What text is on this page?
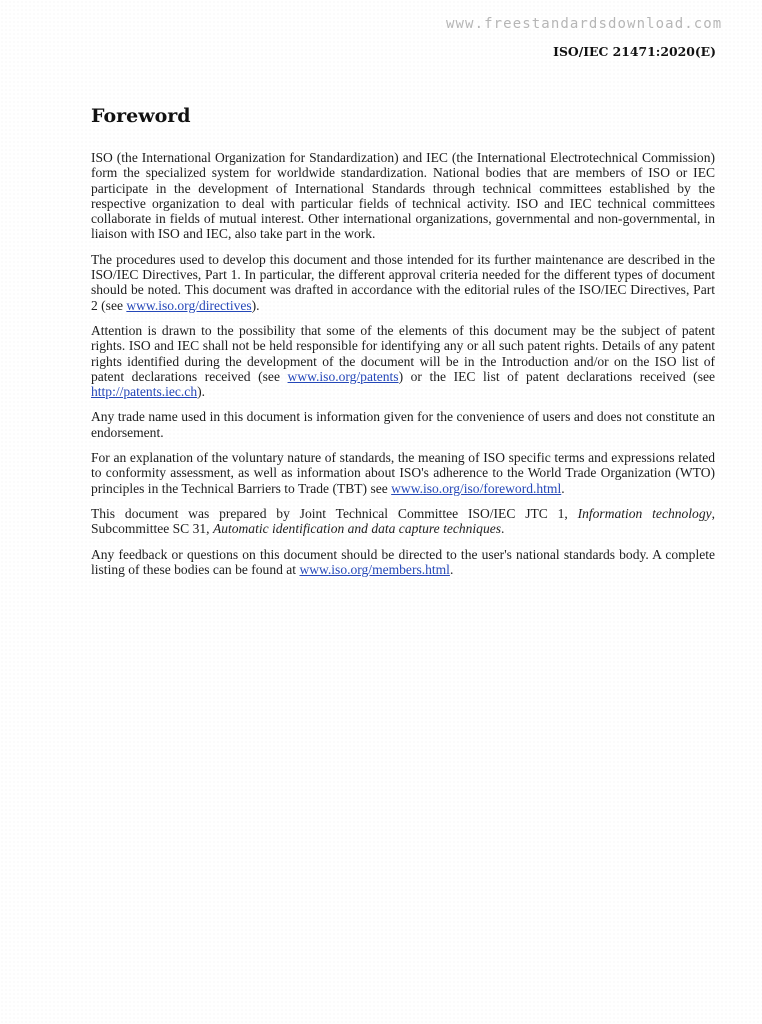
www.freestandardsdownload.com
ISO/IEC 21471:2020(E)
Foreword

ISO (the International Organization for Standardization) and IEC (the International Electrotechnical Commission) form the specialized system for worldwide standardization. National bodies that are members of ISO or IEC participate in the development of International Standards through technical committees established by the respective organization to deal with particular fields of technical activity. ISO and IEC technical committees collaborate in fields of mutual interest. Other international organizations, governmental and non-governmental, in liaison with ISO and IEC, also take part in the work.

The procedures used to develop this document and those intended for its further maintenance are described in the ISO/IEC Directives, Part 1. In particular, the different approval criteria needed for the different types of document should be noted. This document was drafted in accordance with the editorial rules of the ISO/IEC Directives, Part 2 (see www.iso.org/directives).

Attention is drawn to the possibility that some of the elements of this document may be the subject of patent rights. ISO and IEC shall not be held responsible for identifying any or all such patent rights. Details of any patent rights identified during the development of the document will be in the Introduction and/or on the ISO list of patent declarations received (see www.iso.org/patents) or the IEC list of patent declarations received (see http://patents.iec.ch).

Any trade name used in this document is information given for the convenience of users and does not constitute an endorsement.

For an explanation of the voluntary nature of standards, the meaning of ISO specific terms and expressions related to conformity assessment, as well as information about ISO's adherence to the World Trade Organization (WTO) principles in the Technical Barriers to Trade (TBT) see www.iso.org/iso/foreword.html.

This document was prepared by Joint Technical Committee ISO/IEC JTC 1, Information technology, Subcommittee SC 31, Automatic identification and data capture techniques.

Any feedback or questions on this document should be directed to the user's national standards body. A complete listing of these bodies can be found at www.iso.org/members.html.
